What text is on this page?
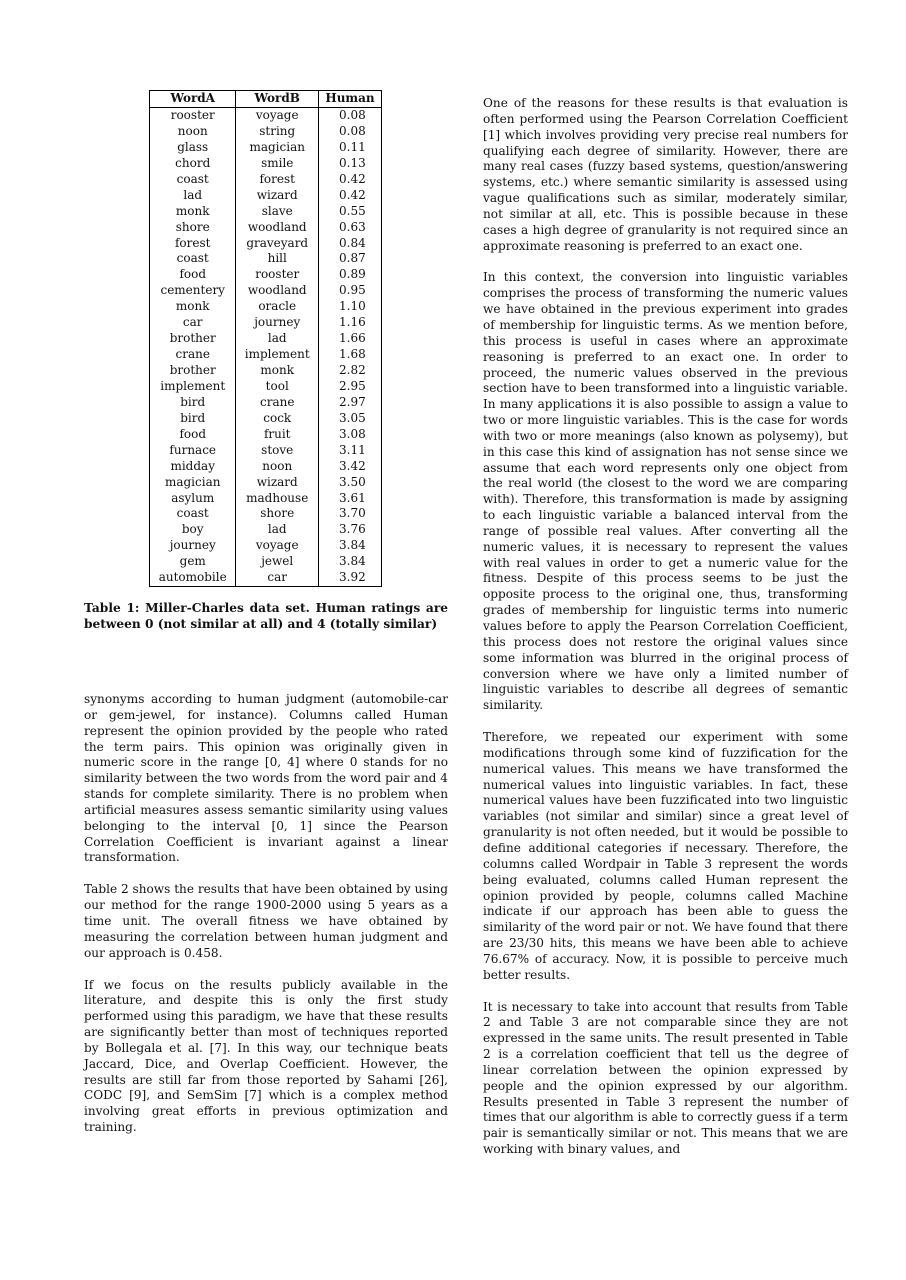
WordA	WordB	Human
rooster	voyage	0.08
noon	string	0.08
glass	magician	0.11
chord	smile	0.13
coast	forest	0.42
lad	wizard	0.42
monk	slave	0.55
shore	woodland	0.63
forest	graveyard	0.84
coast	hill	0.87
food	rooster	0.89
cementery	woodland	0.95
monk	oracle	1.10
car	journey	1.16
brother	lad	1.66
crane	implement	1.68
brother	monk	2.82
implement	tool	2.95
bird	crane	2.97
bird	cock	3.05
food	fruit	3.08
furnace	stove	3.11
midday	noon	3.42
magician	wizard	3.50
asylum	madhouse	3.61
coast	shore	3.70
boy	lad	3.76
journey	voyage	3.84
gem	jewel	3.84
automobile	car	3.92
Table 1: Miller-Charles data set. Human ratings are between 0 (not similar at all) and 4 (totally similar)

synonyms according to human judgment (automobile-car or gem-jewel, for instance). Columns called Human represent the opinion provided by the people who rated the term pairs. This opinion was originally given in numeric score in the range [0, 4] where 0 stands for no similarity between the two words from the word pair and 4 stands for complete similarity. There is no problem when artificial measures assess semantic similarity using values belonging to the interval [0, 1] since the Pearson Correlation Coefficient is invariant against a linear transformation.

Table 2 shows the results that have been obtained by using our method for the range 1900-2000 using 5 years as a time unit. The overall fitness we have obtained by measuring the correlation between human judgment and our approach is 0.458.

If we focus on the results publicly available in the literature, and despite this is only the first study performed using this paradigm, we have that these results are significantly better than most of techniques reported by Bollegala et al. [7]. In this way, our technique beats Jaccard, Dice, and Overlap Coefficient. However, the results are still far from those reported by Sahami [26], CODC [9], and SemSim [7] which is a complex method involving great efforts in previous optimization and training.

One of the reasons for these results is that evaluation is often performed using the Pearson Correlation Coefficient [1] which involves providing very precise real numbers for qualifying each degree of similarity. However, there are many real cases (fuzzy based systems, question/answering systems, etc.) where semantic similarity is assessed using vague qualifications such as similar, moderately similar, not similar at all, etc. This is possible because in these cases a high degree of granularity is not required since an approximate reasoning is preferred to an exact one.

In this context, the conversion into linguistic variables comprises the process of transforming the numeric values we have obtained in the previous experiment into grades of membership for linguistic terms. As we mention before, this process is useful in cases where an approximate reasoning is preferred to an exact one. In order to proceed, the numeric values observed in the previous section have to been transformed into a linguistic variable. In many applications it is also possible to assign a value to two or more linguistic variables. This is the case for words with two or more meanings (also known as polysemy), but in this case this kind of assignation has not sense since we assume that each word represents only one object from the real world (the closest to the word we are comparing with). Therefore, this transformation is made by assigning to each linguistic variable a balanced interval from the range of possible real values. After converting all the numeric values, it is necessary to represent the values with real values in order to get a numeric value for the fitness. Despite of this process seems to be just the opposite process to the original one, thus, transforming grades of membership for linguistic terms into numeric values before to apply the Pearson Correlation Coefficient, this process does not restore the original values since some information was blurred in the original process of conversion where we have only a limited number of linguistic variables to describe all degrees of semantic similarity.

Therefore, we repeated our experiment with some modifications through some kind of fuzzification for the numerical values. This means we have transformed the numerical values into linguistic variables. In fact, these numerical values have been fuzzificated into two linguistic variables (not similar and similar) since a great level of granularity is not often needed, but it would be possible to define additional categories if necessary. Therefore, the columns called Wordpair in Table 3 represent the words being evaluated, columns called Human represent the opinion provided by people, columns called Machine indicate if our approach has been able to guess the similarity of the word pair or not. We have found that there are 23/30 hits, this means we have been able to achieve 76.67% of accuracy. Now, it is possible to perceive much better results.

It is necessary to take into account that results from Table 2 and Table 3 are not comparable since they are not expressed in the same units. The result presented in Table 2 is a correlation coefficient that tell us the degree of linear correlation between the opinion expressed by people and the opinion expressed by our algorithm. Results presented in Table 3 represent the number of times that our algorithm is able to correctly guess if a term pair is semantically similar or not. This means that we are working with binary values, and
